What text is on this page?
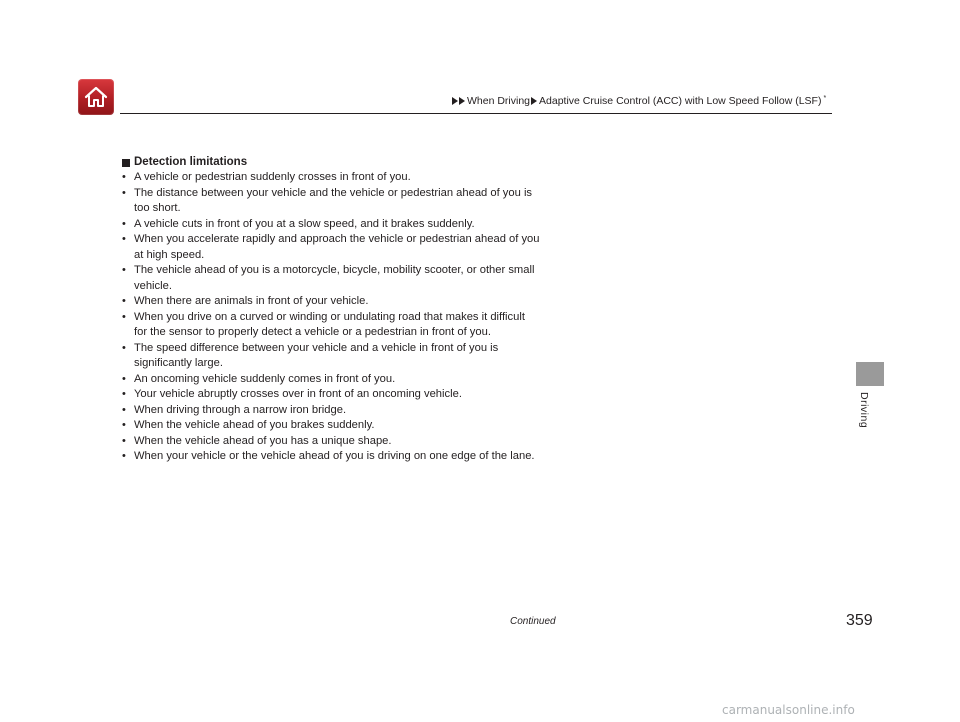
When Driving Adaptive Cruise Control (ACC) with Low Speed Follow (LSF) *
Detection limitations
• A vehicle or pedestrian suddenly crosses in front of you.
• The distance between your vehicle and the vehicle or pedestrian ahead of you is
too short.
• A vehicle cuts in front of you at a slow speed, and it brakes suddenly.
• When you accelerate rapidly and approach the vehicle or pedestrian ahead of you
at high speed.
• The vehicle ahead of you is a motorcycle, bicycle, mobility scooter, or other small
vehicle.
• When there are animals in front of your vehicle.
• When you drive on a curved or winding or undulating road that makes it difficult
for the sensor to properly detect a vehicle or a pedestrian in front of you.
• The speed difference between your vehicle and a vehicle in front of you is
significantly large.
• An oncoming vehicle suddenly comes in front of you.
• Your vehicle abruptly crosses over in front of an oncoming vehicle.
• When driving through a narrow iron bridge.
• When the vehicle ahead of you brakes suddenly.
• When the vehicle ahead of you has a unique shape.
• When your vehicle or the vehicle ahead of you is driving on one edge of the lane.
Driving
Continued	359
carmanualsonline.info
